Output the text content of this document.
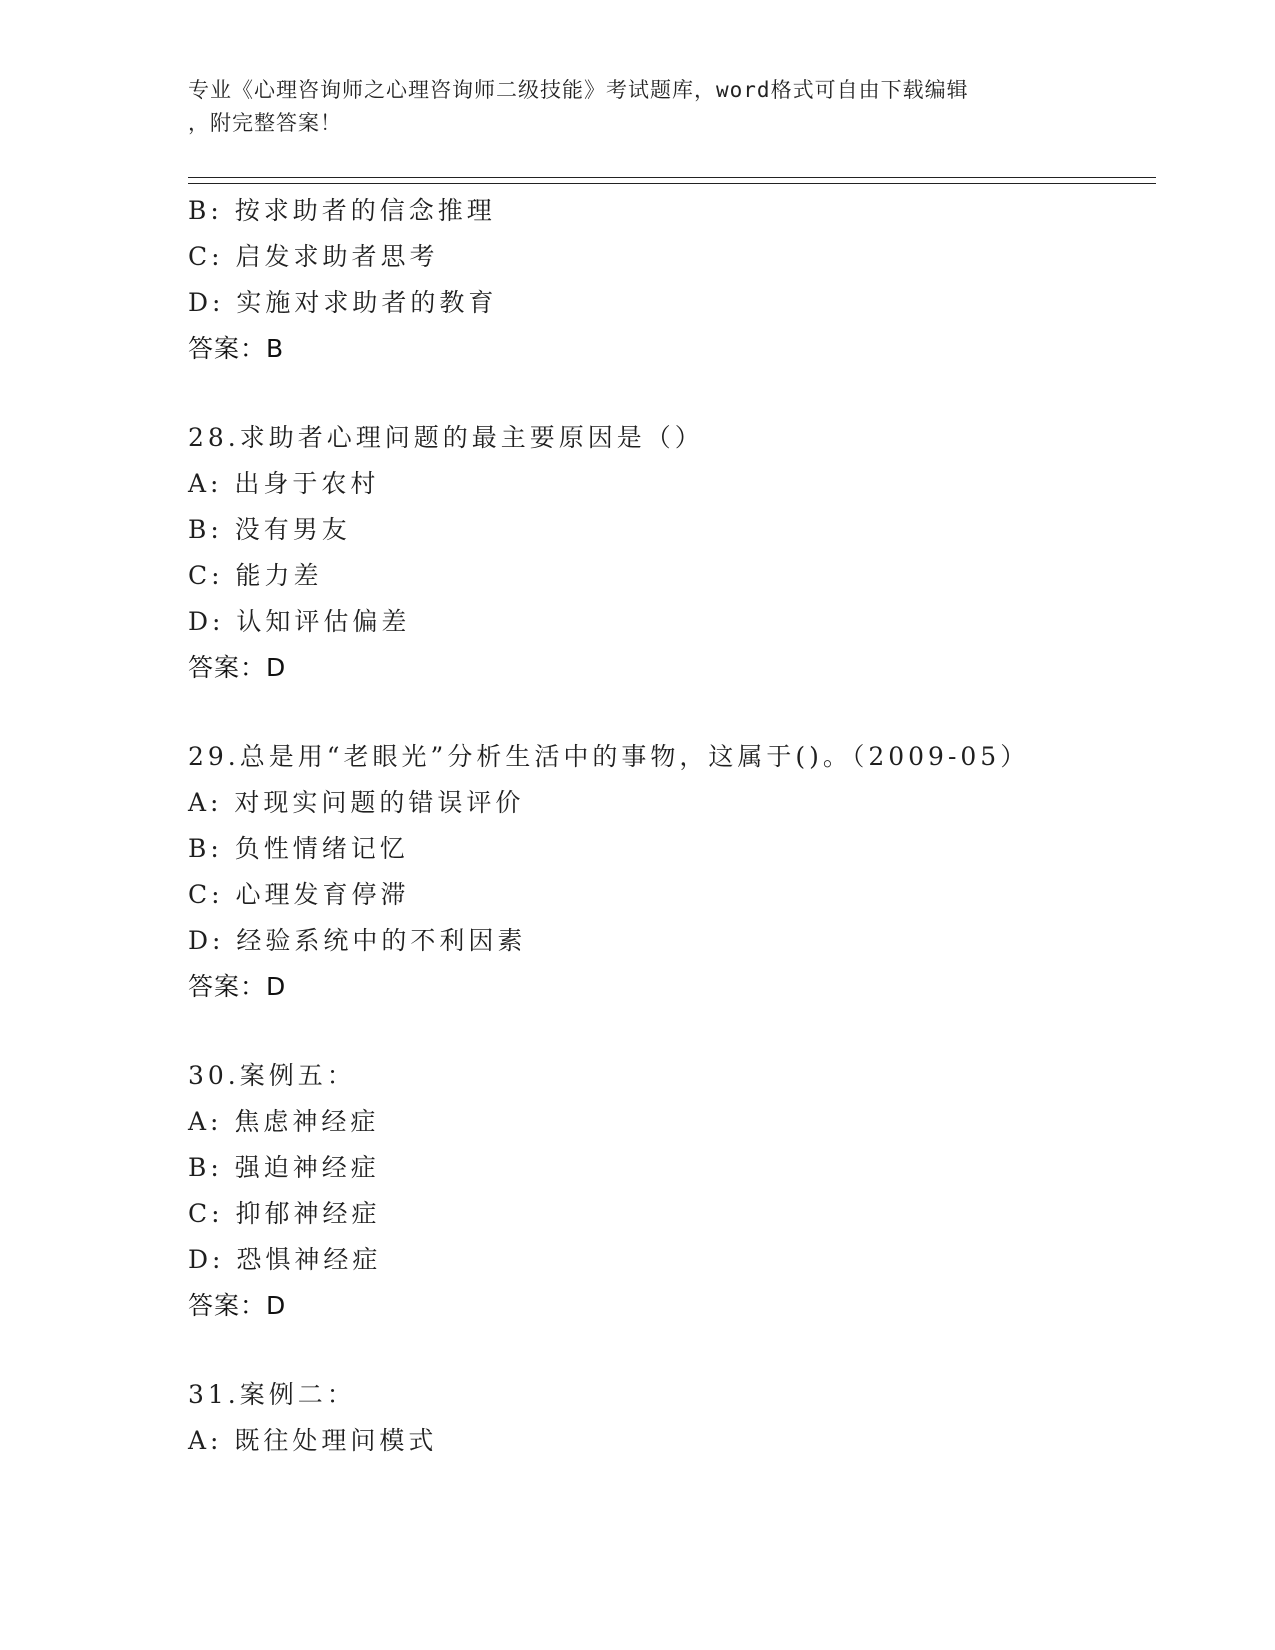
专业《心理咨询师之心理咨询师二级技能》考试题库，word格式可自由下载编辑
，附完整答案！
B: 按求助者的信念推理
C: 启发求助者思考
D: 实施对求助者的教育
答案：B
28.求助者心理问题的最主要原因是（）
A: 出身于农村
B: 没有男友
C: 能力差
D: 认知评估偏差
答案：D
29.总是用“老眼光”分析生活中的事物，这属于()。（2009-05）
A: 对现实问题的错误评价
B: 负性情绪记忆
C: 心理发育停滞
D: 经验系统中的不利因素
答案：D
30.案例五：
A: 焦虑神经症
B: 强迫神经症
C: 抑郁神经症
D: 恐惧神经症
答案：D
31.案例二：
A: 既往处理问模式
